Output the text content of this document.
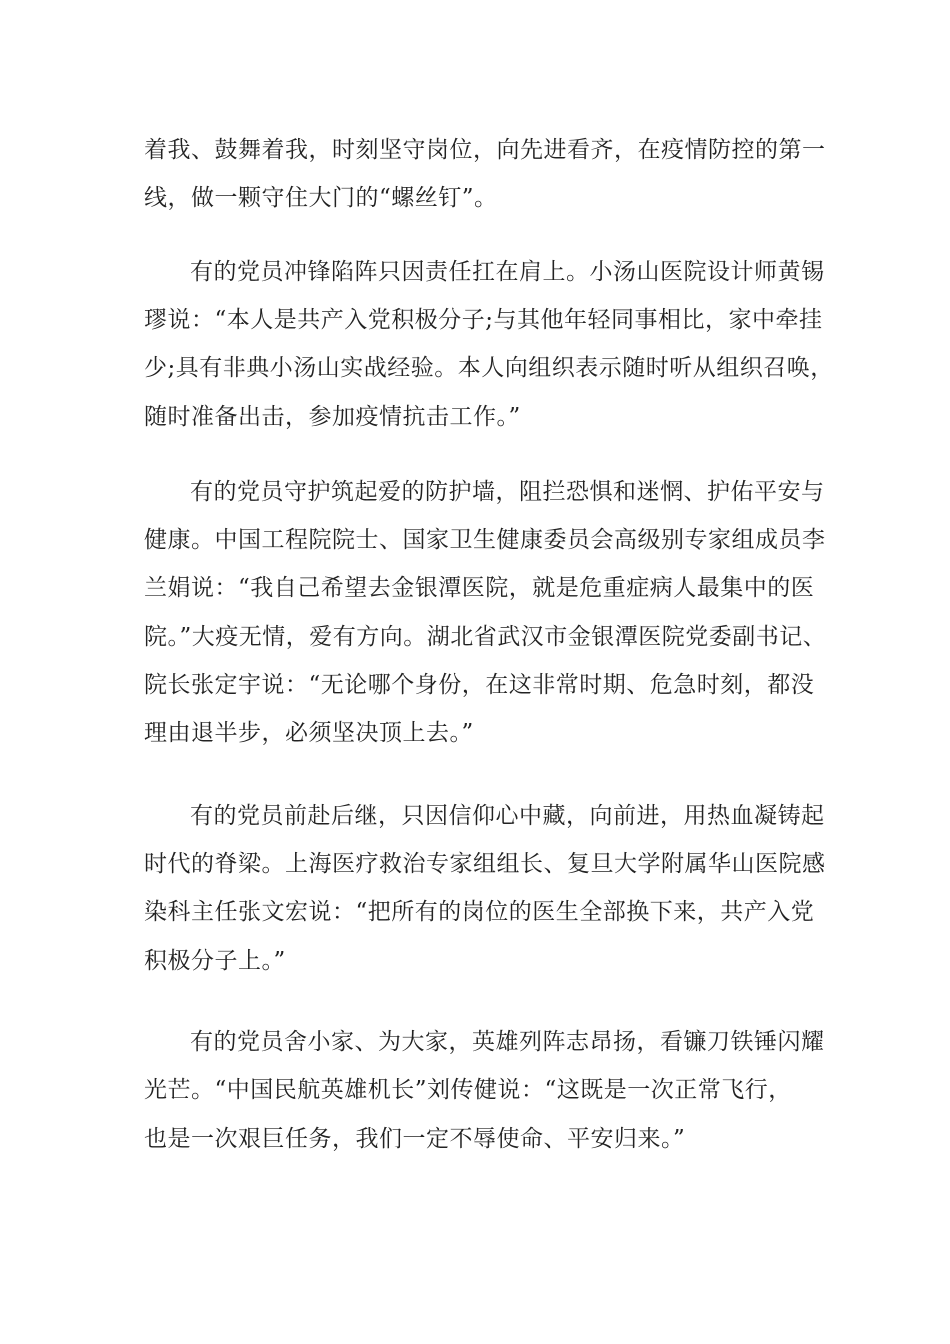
着我、鼓舞着我，时刻坚守岗位，向先进看齐，在疫情防控的第一

线，做一颗守住大门的“螺丝钉”。

有的党员冲锋陷阵只因责任扛在肩上。小汤山医院设计师黄锡

璆说：“本人是共产入党积极分子;与其他年轻同事相比，家中牵挂

少;具有非典小汤山实战经验。本人向组织表示随时听从组织召唤，

随时准备出击，参加疫情抗击工作。”

有的党员守护筑起爱的防护墙，阻拦恐惧和迷惘、护佑平安与

健康。中国工程院院士、国家卫生健康委员会高级别专家组成员李

兰娟说：“我自己希望去金银潭医院，就是危重症病人最集中的医

院。”大疫无情，爱有方向。湖北省武汉市金银潭医院党委副书记、

院长张定宇说：“无论哪个身份，在这非常时期、危急时刻，都没

理由退半步，必须坚决顶上去。”

有的党员前赴后继，只因信仰心中藏，向前进，用热血凝铸起

时代的脊梁。上海医疗救治专家组组长、复旦大学附属华山医院感

染科主任张文宏说：“把所有的岗位的医生全部换下来，共产入党

积极分子上。”

有的党员舍小家、为大家，英雄列阵志昂扬，看镰刀铁锤闪耀

光芒。“中国民航英雄机长”刘传健说：“这既是一次正常飞行，

也是一次艰巨任务，我们一定不辱使命、平安归来。”
